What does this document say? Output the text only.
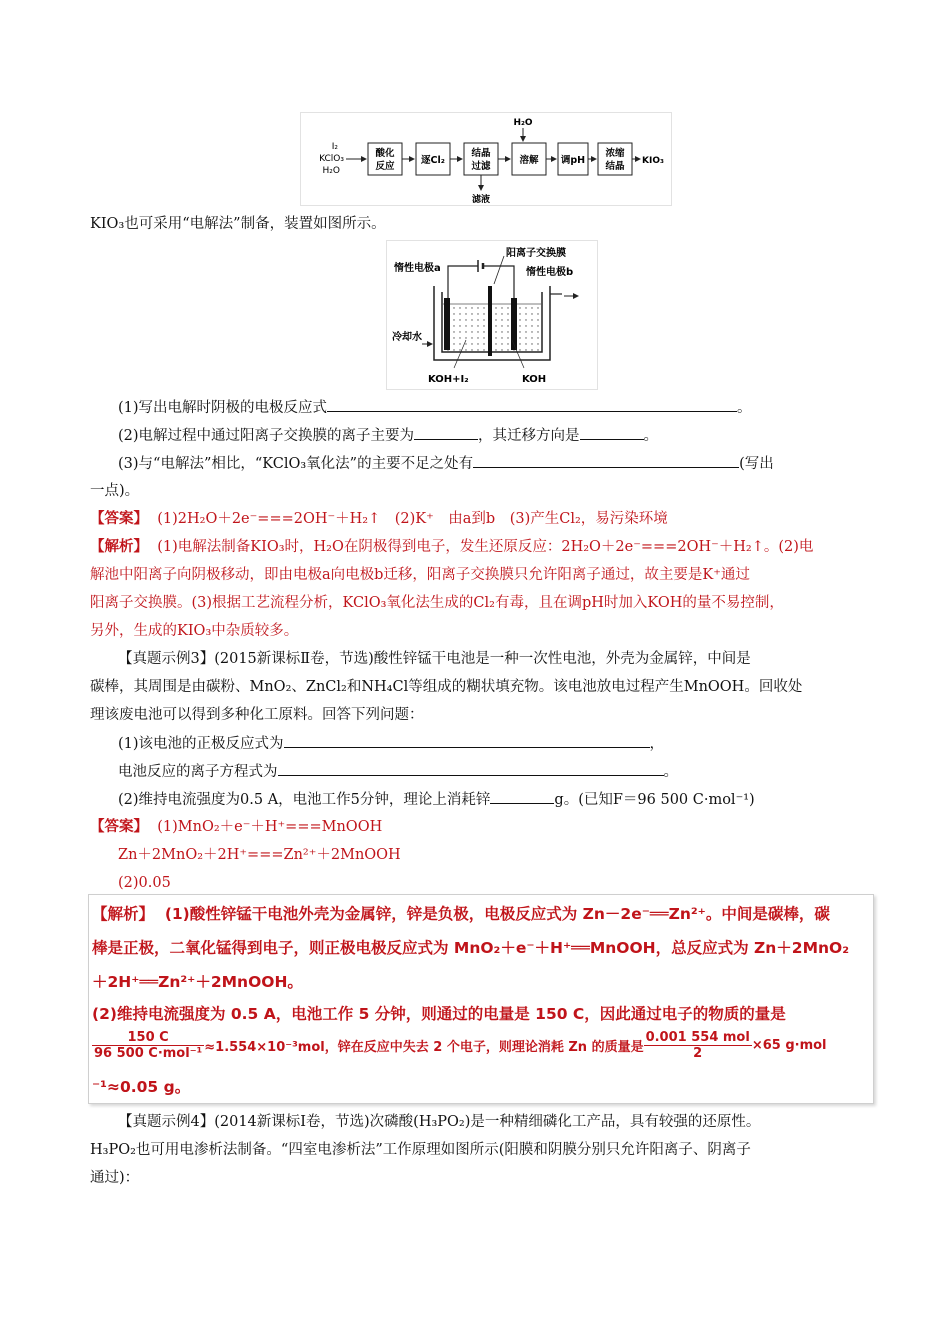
I₂
KClO₃
H₂O
酸化
反应
逐Cl₂
结晶
过滤
滤液
H₂O
溶解 调pH
浓缩
结晶 KIO₃
KIO₃也可采用“电解法”制备，装置如图所示。
惰性电极a
阳离子交换膜
惰性电极b
冷却水
KOH+I₂	KOH
(1)写出电解时阴极的电极反应式	。
(2)电解过程中通过阳离子交换膜的离子主要为	，其迁移方向是	。
(3)与“电解法”相比，“KClO₃氧化法”的主要不足之处有	(写出
一点)。
【答案】 (1)2H₂O＋2e⁻===2OH⁻＋H₂↑　(2)K⁺　由a到b　(3)产生Cl₂，易污染环境
【解析】 (1)电解法制备KIO₃时，H₂O在阴极得到电子，发生还原反应：2H₂O＋2e⁻===2OH⁻＋H₂↑。(2)电
解池中阳离子向阴极移动，即由电极a向电极b迁移，阳离子交换膜只允许阳离子通过，故主要是K⁺通过
阳离子交换膜。(3)根据工艺流程分析，KClO₃氧化法生成的Cl₂有毒，且在调pH时加入KOH的量不易控制，
另外，生成的KIO₃中杂质较多。
【真题示例3】(2015新课标Ⅱ卷，节选)酸性锌锰干电池是一种一次性电池，外壳为金属锌，中间是
碳棒，其周围是由碳粉、MnO₂、ZnCl₂和NH₄Cl等组成的糊状填充物。该电池放电过程产生MnOOH。回收处
理该废电池可以得到多种化工原料。回答下列问题：
(1)该电池的正极反应式为	，
电池反应的离子方程式为	。
(2)维持电流强度为0.5 A，电池工作5分钟，理论上消耗锌	g。(已知F＝96 500 C·mol⁻¹)
【答案】 (1)MnO₂＋e⁻＋H⁺===MnOOH
Zn＋2MnO₂＋2H⁺===Zn²⁺＋2MnOOH
(2)0.05
【解析】 (1)酸性锌锰干电池外壳为金属锌，锌是负极，电极反应式为 Zn－2e⁻══Zn²⁺。中间是碳棒，碳
棒是正极，二氧化锰得到电子，则正极电极反应式为 MnO₂＋e⁻＋H⁺══MnOOH，总反应式为 Zn＋2MnO₂
＋2H⁺══Zn²⁺＋2MnOOH。
(2)维持电流强度为 0.5 A，电池工作 5 分钟，则通过的电量是 150 C，因此通过电子的物质的量是
$\frac{150 C}{\text{96 500 C·mol⁻¹}} \approx 1.554\times 10^{-3}mol$，锌在反应中失去 2 个电子，则理论消耗 Zn 的质量是 $\frac{\text{0.001 554 mol}}{2} \times 65$ g·mol
⁻¹≈0.05 g。
【真题示例4】(2014新课标Ⅰ卷，节选)次磷酸(H₃PO₂)是一种精细磷化工产品，具有较强的还原性。
H₃PO₂也可用电渗析法制备。“四室电渗析法”工作原理如图所示(阳膜和阴膜分别只允许阳离子、阴离子
通过)：
